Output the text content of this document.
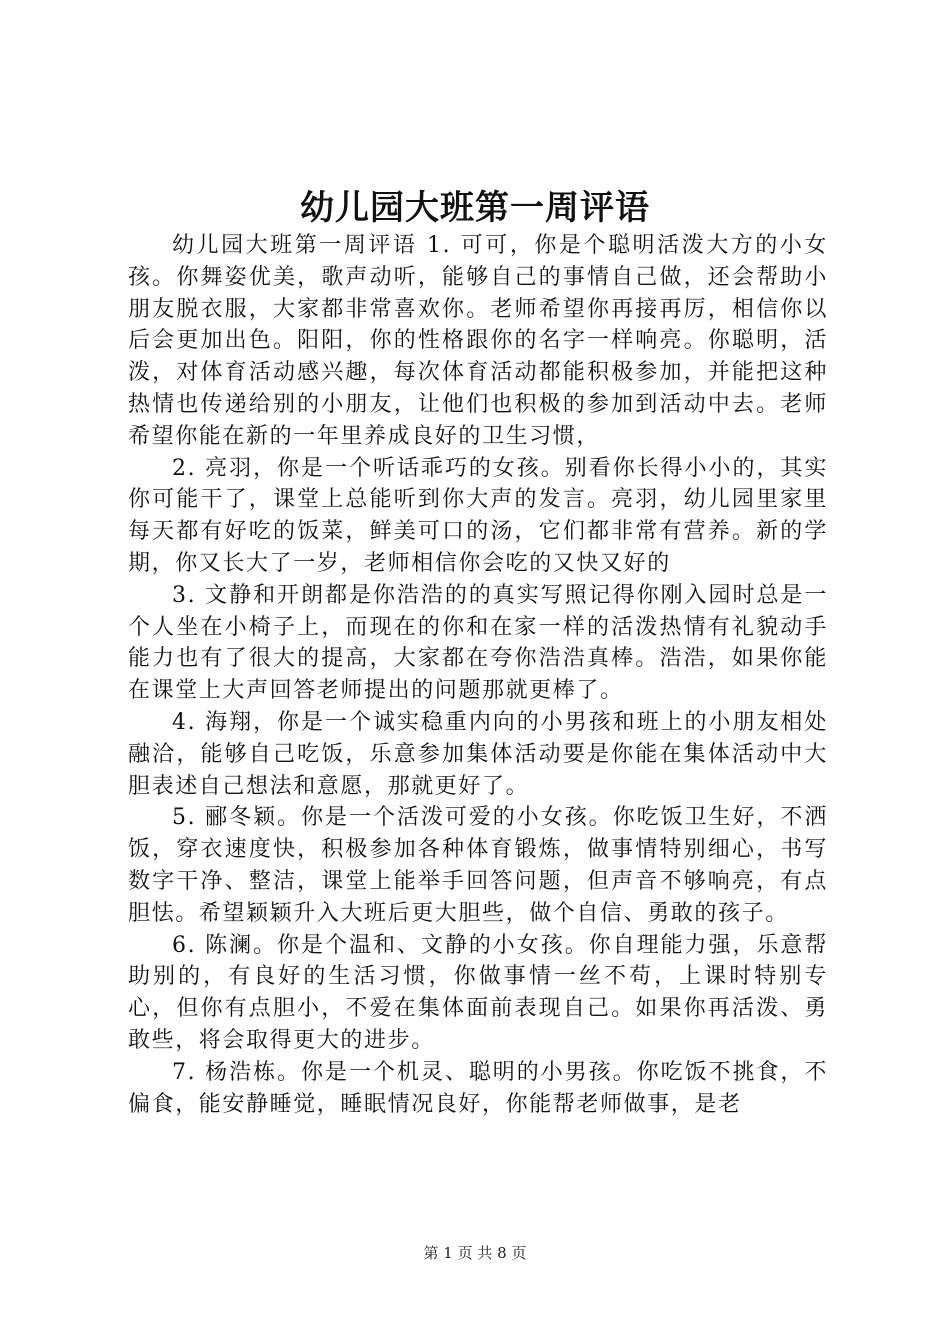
幼儿园大班第一周评语

幼儿园大班第一周评语 1. 可可，你是个聪明活泼大方的小女孩。你舞姿优美，歌声动听，能够自己的事情自己做，还会帮助小朋友脱衣服，大家都非常喜欢你。老师希望你再接再厉，相信你以后会更加出色。阳阳，你的性格跟你的名字一样响亮。你聪明，活泼，对体育活动感兴趣，每次体育活动都能积极参加，并能把这种热情也传递给别的小朋友，让他们也积极的参加到活动中去。老师希望你能在新的一年里养成良好的卫生习惯，

2. 亮羽，你是一个听话乖巧的女孩。别看你长得小小的，其实你可能干了，课堂上总能听到你大声的发言。亮羽，幼儿园里家里每天都有好吃的饭菜，鲜美可口的汤，它们都非常有营养。新的学期，你又长大了一岁，老师相信你会吃的又快又好的

3. 文静和开朗都是你浩浩的的真实写照记得你刚入园时总是一个人坐在小椅子上，而现在的你和在家一样的活泼热情有礼貌动手能力也有了很大的提高，大家都在夸你浩浩真棒。浩浩，如果你能在课堂上大声回答老师提出的问题那就更棒了。

4. 海翔，你是一个诚实稳重内向的小男孩和班上的小朋友相处融洽，能够自己吃饭，乐意参加集体活动要是你能在集体活动中大胆表述自己想法和意愿，那就更好了。

5. 郦冬颖。你是一个活泼可爱的小女孩。你吃饭卫生好，不洒饭，穿衣速度快，积极参加各种体育锻炼，做事情特别细心，书写数字干净、整洁，课堂上能举手回答问题，但声音不够响亮，有点胆怯。希望颖颖升入大班后更大胆些，做个自信、勇敢的孩子。

6. 陈澜。你是个温和、文静的小女孩。你自理能力强，乐意帮助别的，有良好的生活习惯，你做事情一丝不苟，上课时特别专心，但你有点胆小，不爱在集体面前表现自己。如果你再活泼、勇敢些，将会取得更大的进步。

7. 杨浩栋。你是一个机灵、聪明的小男孩。你吃饭不挑食，不偏食，能安静睡觉，睡眠情况良好，你能帮老师做事，是老

第 1 页 共 8 页
